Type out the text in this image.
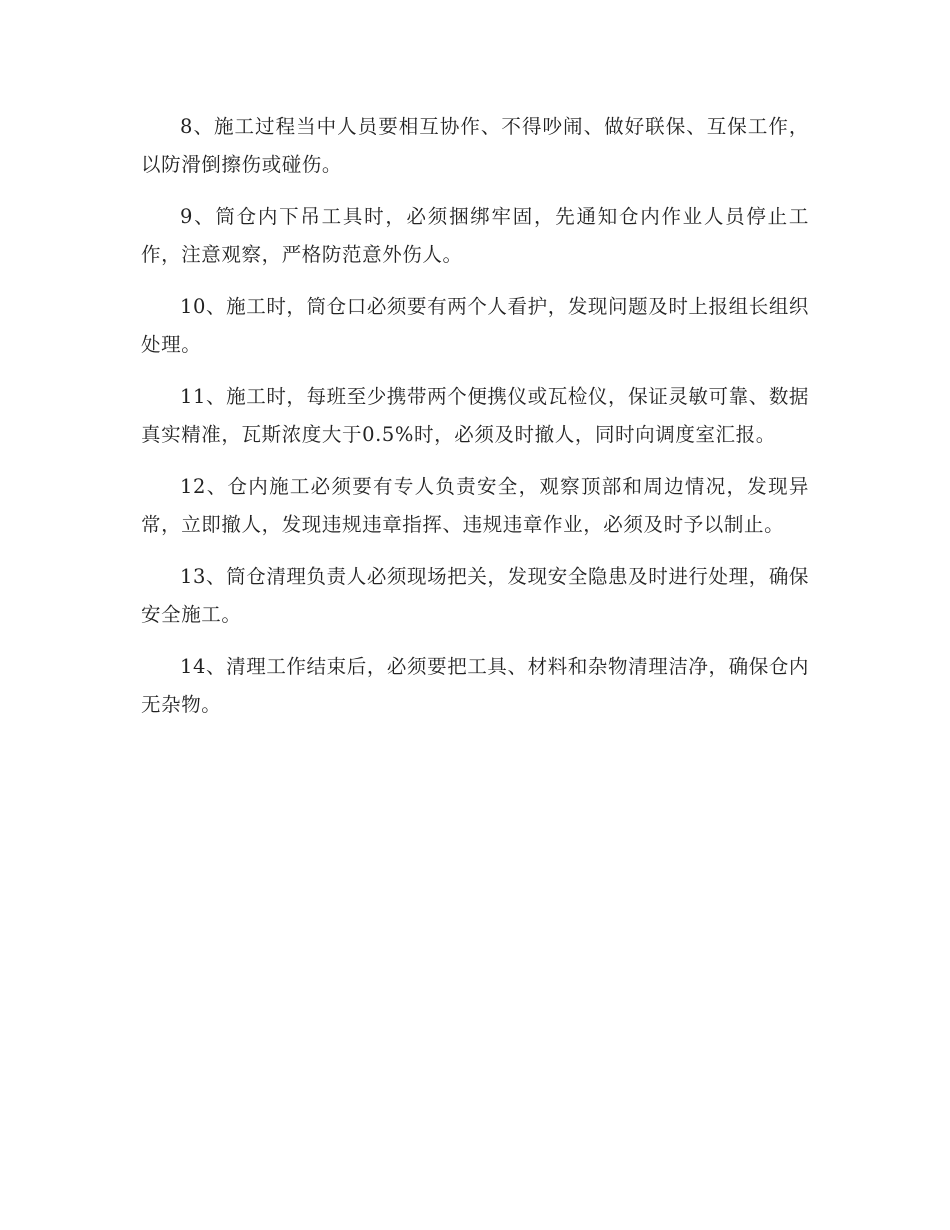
8、施工过程当中人员要相互协作、不得吵闹、做好联保、互保工作，以防滑倒擦伤或碰伤。

9、筒仓内下吊工具时，必须捆绑牢固，先通知仓内作业人员停止工作，注意观察，严格防范意外伤人。

10、施工时，筒仓口必须要有两个人看护，发现问题及时上报组长组织处理。

11、施工时，每班至少携带两个便携仪或瓦检仪，保证灵敏可靠、数据真实精准，瓦斯浓度大于0.5%时，必须及时撤人，同时向调度室汇报。

12、仓内施工必须要有专人负责安全，观察顶部和周边情况，发现异常，立即撤人，发现违规违章指挥、违规违章作业，必须及时予以制止。

13、筒仓清理负责人必须现场把关，发现安全隐患及时进行处理，确保安全施工。

14、清理工作结束后，必须要把工具、材料和杂物清理洁净，确保仓内无杂物。
